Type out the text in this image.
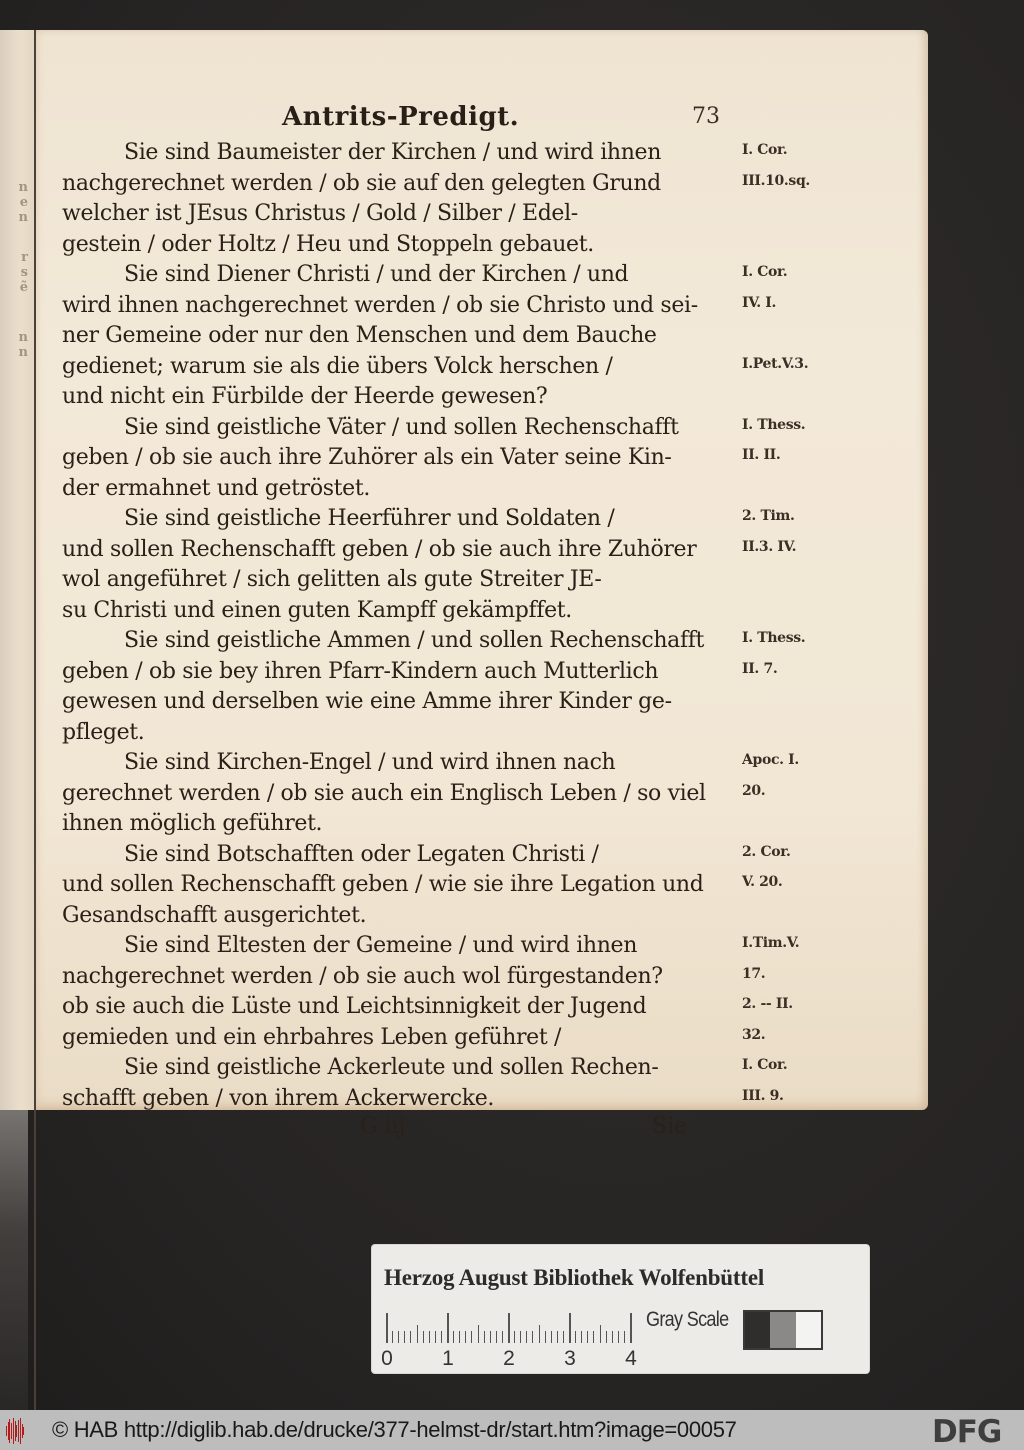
n
e
n
r
s
ẽ
n
n
Antrits-Predigt.	73
Sie sind Baumeister der Kirchen / und wird ihnen	I. Cor.
nachgerechnet werden / ob sie auf den gelegten Grund	III.10.sq.
welcher ist JEsus Christus / Gold / Silber / Edel-
gestein / oder Holtz / Heu und Stoppeln gebauet.
Sie sind Diener Christi / und der Kirchen / und	I. Cor.
wird ihnen nachgerechnet werden / ob sie Christo und sei-	IV. I.
ner Gemeine oder nur den Menschen und dem Bauche
gedienet; warum sie als die übers Volck herschen /	I.Pet.V.3.
und nicht ein Fürbilde der Heerde gewesen?
Sie sind geistliche Väter / und sollen Rechenschafft	I. Thess.
geben / ob sie auch ihre Zuhörer als ein Vater seine Kin-	II. II.
der ermahnet und getröstet.
Sie sind geistliche Heerführer und Soldaten /	2. Tim.
und sollen Rechenschafft geben / ob sie auch ihre Zuhörer	II.3. IV.
wol angeführet / sich gelitten als gute Streiter JE-
su Christi und einen guten Kampff gekämpffet.
Sie sind geistliche Ammen / und sollen Rechenschafft	I. Thess.
geben / ob sie bey ihren Pfarr-Kindern auch Mutterlich	II. 7.
gewesen und derselben wie eine Amme ihrer Kinder ge-
pfleget.
Sie sind Kirchen-Engel / und wird ihnen nach	Apoc. I.
gerechnet werden / ob sie auch ein Englisch Leben / so viel	20.
ihnen möglich geführet.
Sie sind Botschafften oder Legaten Christi /	2. Cor.
und sollen Rechenschafft geben / wie sie ihre Legation und	V. 20.
Gesandschafft ausgerichtet.
Sie sind Eltesten der Gemeine / und wird ihnen	I.Tim.V.
nachgerechnet werden / ob sie auch wol fürgestanden?	17.
ob sie auch die Lüste und Leichtsinnigkeit der Jugend	2. -- II.
gemieden und ein ehrbahres Leben geführet /	32.
Sie sind geistliche Ackerleute und sollen Rechen-	I. Cor.
schafft geben / von ihrem Ackerwercke.	III. 9.
G iij	Sie
Herzog August Bibliothek Wolfenbüttel
0 1 2 3 4
Gray Scale
© HAB http://diglib.hab.de/drucke/377-helmst-dr/start.htm?image=00057	DFG
